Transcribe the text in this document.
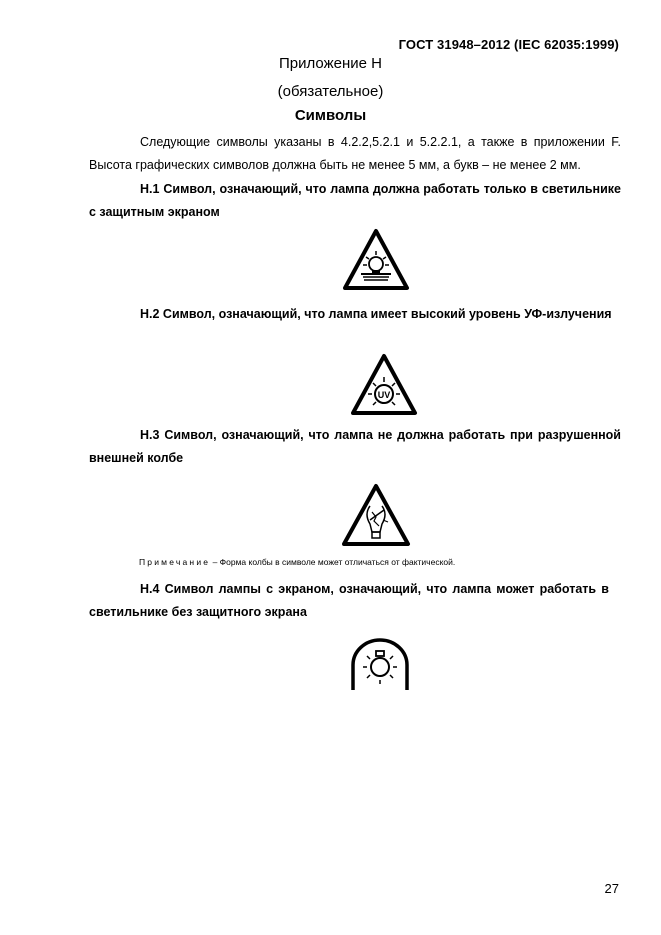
ГОСТ 31948–2012 (IEC 62035:1999)
Приложение Н
(обязательное)
Символы
Следующие символы указаны в 4.2.2,5.2.1 и 5.2.2.1, а также в приложении F. Высота графических символов должна быть не менее 5 мм, а букв – не менее 2 мм.
Н.1 Символ, означающий, что лампа должна работать только в светильнике с защитным экраном
Н.2 Символ, означающий, что лампа имеет высокий уровень УФ-излучения
UV
Н.3 Символ, означающий, что лампа не должна работать при разрушенной внешней колбе
Примечание – Форма колбы в символе может отличаться от фактической.
Н.4 Символ лампы с экраном, означающий, что лампа может работать в светильнике без защитного экрана
27
